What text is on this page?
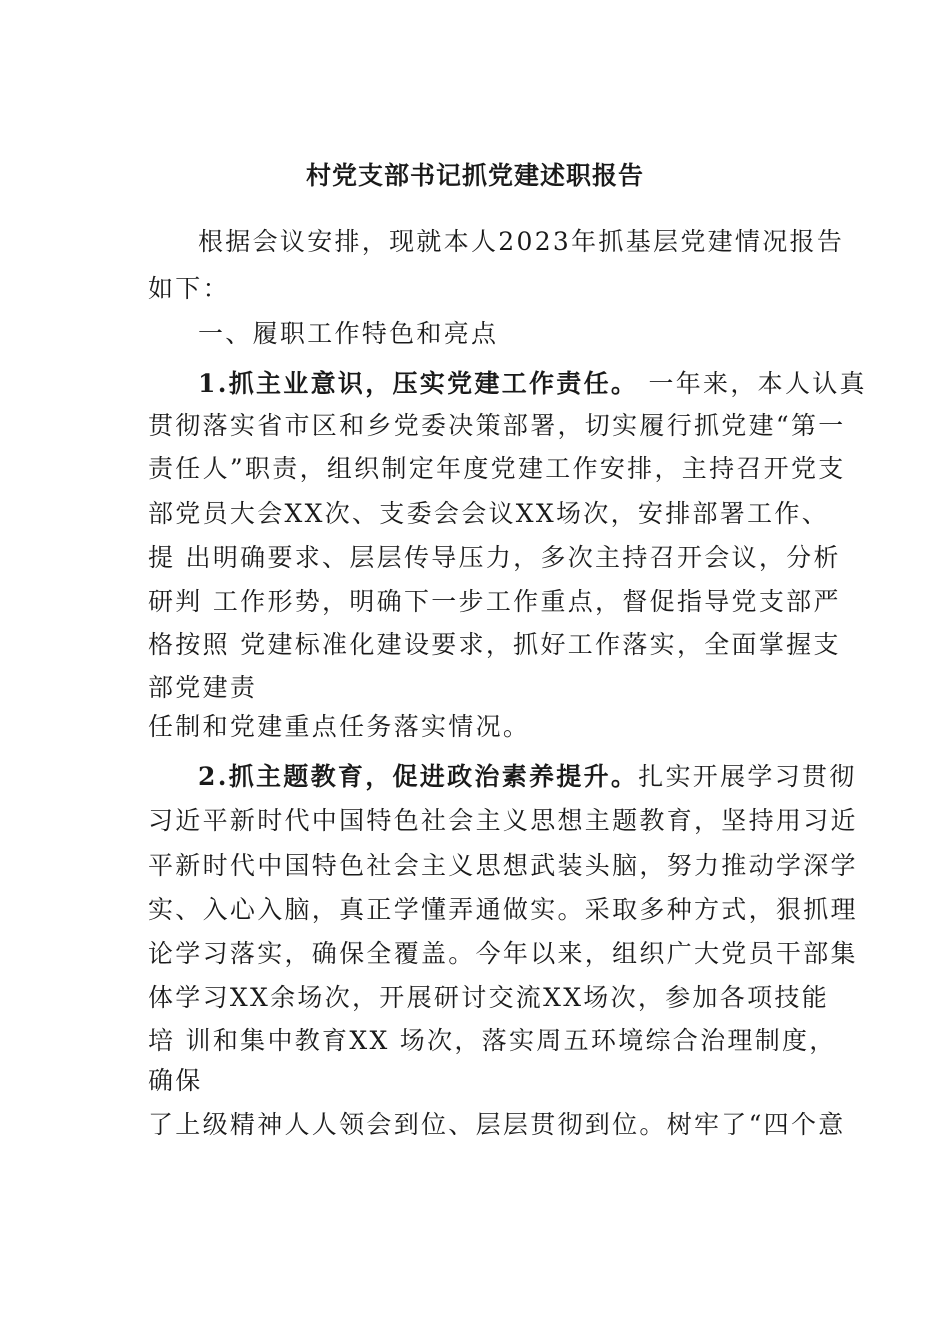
村党支部书记抓党建述职报告
根据会议安排，现就本人2023年抓基层党建情况报告
如下：
一、履职工作特色和亮点
1.抓主业意识，压实党建工作责任。 一年来，本人认真
贯彻落实省市区和乡党委决策部署，切实履行抓党建“第一
责任人”职责，组织制定年度党建工作安排，主持召开党支
部党员大会XX次、支委会会议XX场次，安排部署工作、
提 出明确要求、层层传导压力，多次主持召开会议，分析
研判 工作形势，明确下一步工作重点，督促指导党支部严
格按照 党建标准化建设要求，抓好工作落实，全面掌握支
部党建责
任制和党建重点任务落实情况。
2.抓主题教育，促进政治素养提升。扎实开展学习贯彻
习近平新时代中国特色社会主义思想主题教育，坚持用习近
平新时代中国特色社会主义思想武装头脑，努力推动学深学
实、入心入脑，真正学懂弄通做实。采取多种方式，狠抓理
论学习落实，确保全覆盖。今年以来，组织广大党员干部集
体学习XX余场次，开展研讨交流XX场次，参加各项技能
培 训和集中教育XX 场次，落实周五环境综合治理制度，
确保
了上级精神人人领会到位、层层贯彻到位。树牢了“四个意
